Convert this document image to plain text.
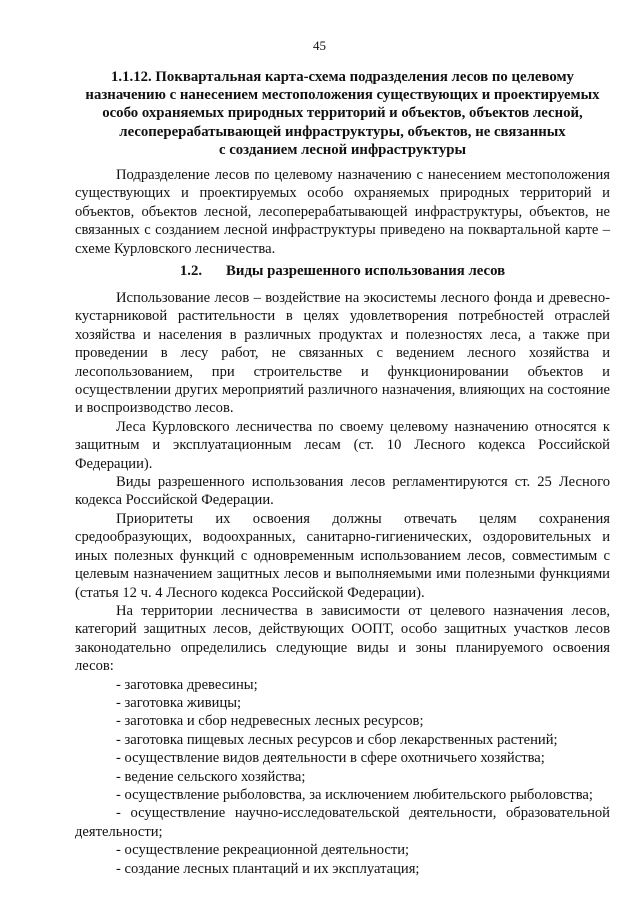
45
1.1.12. Поквартальная карта-схема подразделения лесов по целевому
назначению с нанесением местоположения существующих и проектируемых
особо охраняемых природных территорий и объектов, объектов лесной,
лесоперерабатывающей инфраструктуры, объектов, не связанных
с созданием лесной инфраструктуры

Подразделение лесов по целевому назначению с нанесением местоположения существующих и проектируемых особо охраняемых природных территорий и объектов, объектов лесной, лесоперерабатывающей инфраструктуры, объектов, не связанных с созданием лесной инфраструктуры приведено на поквартальной карте – схеме Курловского лесничества.

1.2. Виды разрешенного использования лесов

Использование лесов – воздействие на экосистемы лесного фонда и древесно-кустарниковой растительности в целях удовлетворения потребностей отраслей хозяйства и населения в различных продуктах и полезностях леса, а также при проведении в лесу работ, не связанных с ведением лесного хозяйства и лесопользованием, при строительстве и функционировании объектов и осуществлении других мероприятий различного назначения, влияющих на состояние и воспроизводство лесов.

Леса Курловского лесничества по своему целевому назначению относятся к защитным и эксплуатационным лесам (ст. 10 Лесного кодекса Российской Федерации).

Виды разрешенного использования лесов регламентируются ст. 25 Лесного кодекса Российской Федерации.

Приоритеты их освоения должны отвечать целям сохранения средообразующих, водоохранных, санитарно-гигиенических, оздоровительных и иных полезных функций с одновременным использованием лесов, совместимым с целевым назначением защитных лесов и выполняемыми ими полезными функциями (статья 12 ч. 4 Лесного кодекса Российской Федерации).

На территории лесничества в зависимости от целевого назначения лесов, категорий защитных лесов, действующих ООПТ, особо защитных участков лесов законодательно определились следующие виды и зоны планируемого освоения лесов:

- заготовка древесины;
- заготовка живицы;
- заготовка и сбор недревесных лесных ресурсов;
- заготовка пищевых лесных ресурсов и сбор лекарственных растений;
- осуществление видов деятельности в сфере охотничьего хозяйства;
- ведение сельского хозяйства;
- осуществление рыболовства, за исключением любительского рыболовства;
- осуществление научно-исследовательской деятельности, образовательной деятельности;
- осуществление рекреационной деятельности;
- создание лесных плантаций и их эксплуатация;
